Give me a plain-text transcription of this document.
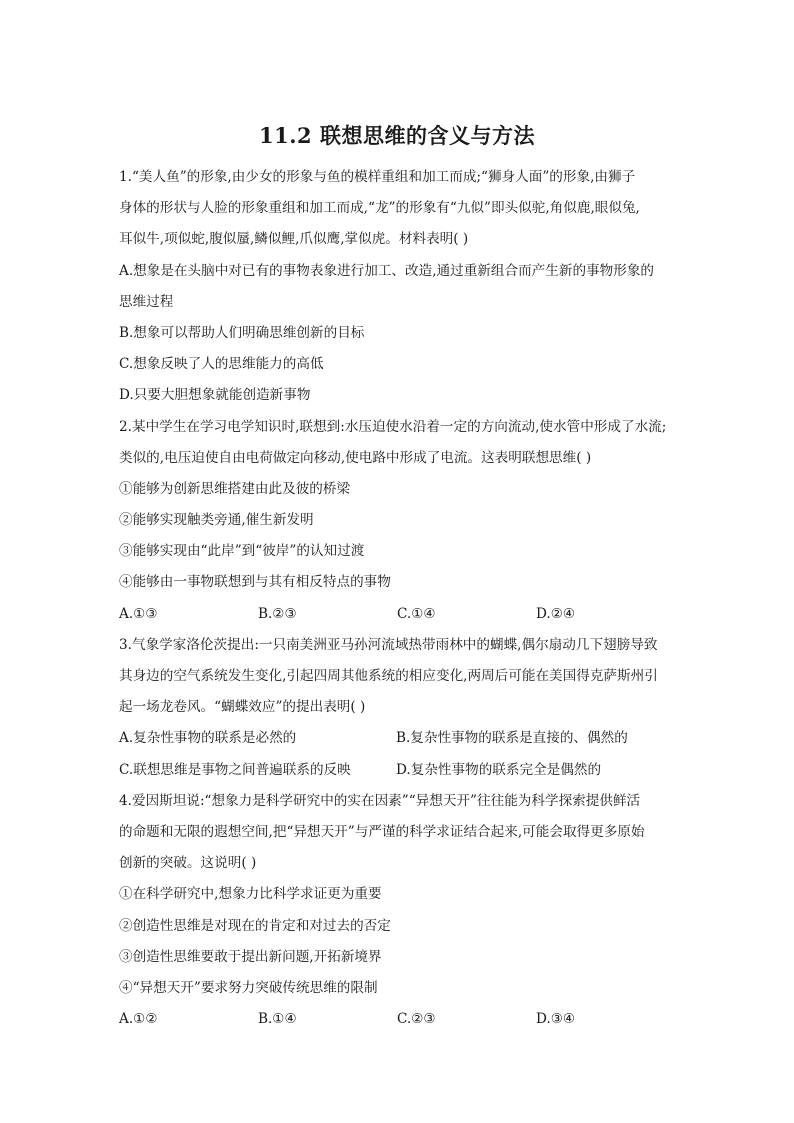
11.2 联想思维的含义与方法
1.“美人鱼”的形象,由少女的形象与鱼的模样重组和加工而成;“狮身人面”的形象,由狮子
身体的形状与人脸的形象重组和加工而成,“龙”的形象有“九似”即头似驼,角似鹿,眼似兔,
耳似牛,项似蛇,腹似蜃,鳞似鲤,爪似鹰,掌似虎。材料表明( )
A.想象是在头脑中对已有的事物表象进行加工、改造,通过重新组合而产生新的事物形象的
思维过程
B.想象可以帮助人们明确思维创新的目标
C.想象反映了人的思维能力的高低
D.只要大胆想象就能创造新事物
2.某中学生在学习电学知识时,联想到:水压迫使水沿着一定的方向流动,使水管中形成了水流;
类似的,电压迫使自由电荷做定向移动,使电路中形成了电流。这表明联想思维( )
①能够为创新思维搭建由此及彼的桥梁
②能够实现触类旁通,催生新发明
③能够实现由“此岸”到“彼岸”的认知过渡
④能够由一事物联想到与其有相反特点的事物
A.①③	B.②③	C.①④	D.②④
3.气象学家洛伦茨提出:一只南美洲亚马孙河流域热带雨林中的蝴蝶,偶尔扇动几下翅膀导致
其身边的空气系统发生变化,引起四周其他系统的相应变化,两周后可能在美国得克萨斯州引
起一场龙卷风。“蝴蝶效应”的提出表明( )
A.复杂性事物的联系是必然的	B.复杂性事物的联系是直接的、偶然的
C.联想思维是事物之间普遍联系的反映	D.复杂性事物的联系完全是偶然的
4.爱因斯坦说:“想象力是科学研究中的实在因素”“异想天开”往往能为科学探索提供鲜活
的命题和无限的遐想空间,把“异想天开”与严谨的科学求证结合起来,可能会取得更多原始
创新的突破。这说明( )
①在科学研究中,想象力比科学求证更为重要
②创造性思维是对现在的肯定和对过去的否定
③创造性思维要敢于提出新问题,开拓新境界
④“异想天开”要求努力突破传统思维的限制
A.①②	B.①④	C.②③	D.③④
